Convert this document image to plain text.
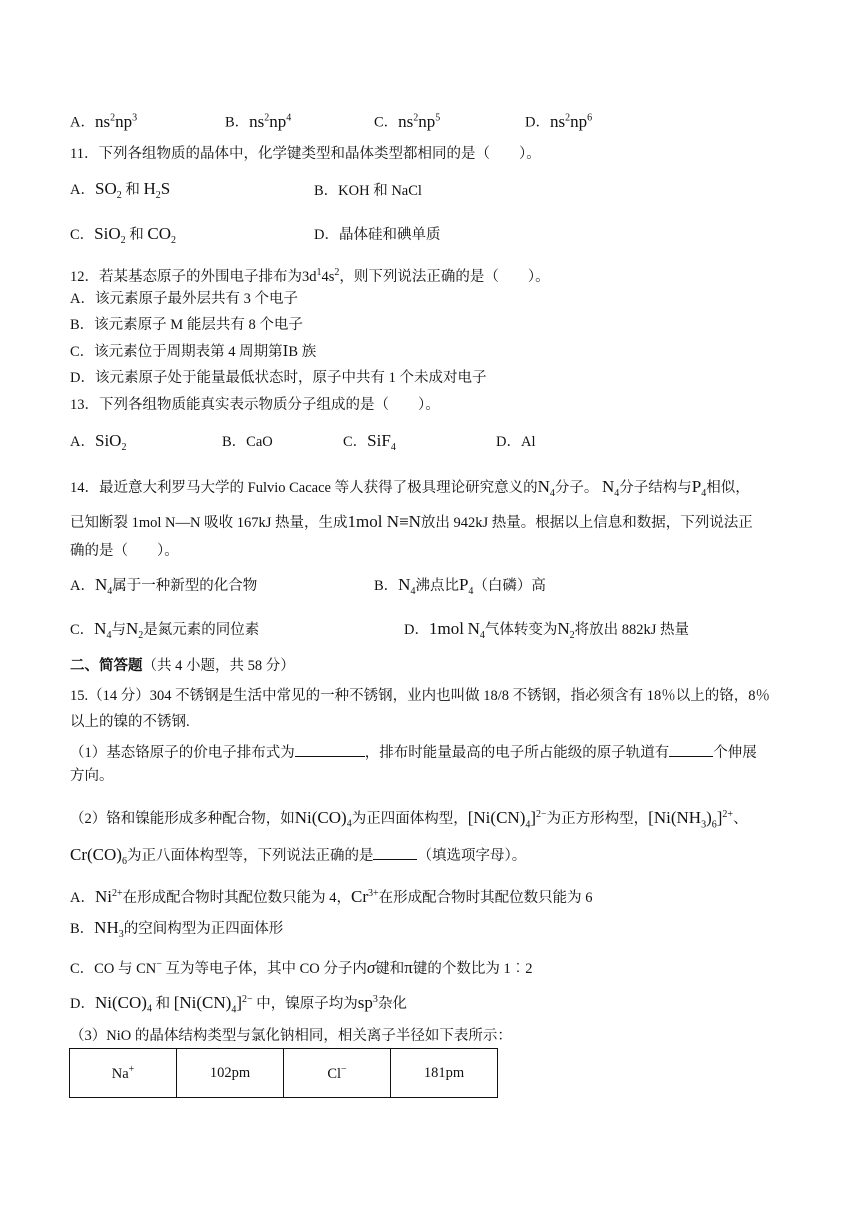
A．$ns^2np^3$	B．$ns^2np^4$	C．$ns^2np^5$	D．$ns^2np^6$
11．下列各组物质的晶体中，化学键类型和晶体类型都相同的是（　　）。
A．$SO_2$ 和 $H_2S$	B．KOH 和 NaCl
C．SiO$_2$ 和 $CO_2$	D．晶体硅和碘单质
12．若某基态原子的外围电子排布为$3d^14s^2$，则下列说法正确的是（　　）。
A．该元素原子最外层共有 3 个电子
B．该元素原子 M 能层共有 8 个电子
C．该元素位于周期表第 4 周期第ⅠB 族
D．该元素原子处于能量最低状态时，原子中共有 1 个未成对电子
13．下列各组物质能真实表示物质分子组成的是（　　）。
A．SiO$_2$	B．CaO	C．SiF$_4$	D．Al
14．最近意大利罗马大学的 Fulvio Cacace 等人获得了极具理论研究意义的$N_4$分子。 $N_4$分子结构与$P_4$相似，
已知断裂 1mol N—N 吸收 167kJ 热量，生成1mol N≡N放出 942kJ 热量。根据以上信息和数据，下列说法正
确的是（　　）。
A．$N_4$属于一种新型的化合物	B．$N_4$沸点比$P_4$（白磷）高
C．$N_4$与$N_2$是氮元素的同位素	D．1mol $N_4$气体转变为$N_2$将放出 882kJ 热量
二、简答题（共 4 小题，共 58 分）
15.（14 分）304 不锈钢是生活中常见的一种不锈钢，业内也叫做 18/8 不锈钢，指必须含有 18％以上的铬，8％
以上的镍的不锈钢.
（1）基态铬原子的价电子排布式为	，排布时能量最高的电子所占能级的原子轨道有	个伸展
方向。
（2）铬和镍能形成多种配合物，如$Ni(CO)_4$为正四面体构型，$[Ni(CN)_4]^{2-}$为正方形构型，$[Ni(NH_3)_6]^{2+}$、
$Cr(CO)_6$为正八面体构型等，下列说法正确的是	（填选项字母）。
A．$Ni^{2+}$在形成配合物时其配位数只能为 4，$Cr^{3+}$在形成配合物时其配位数只能为 6
B．$NH_3$的空间构型为正四面体形
C．CO 与 CN− 互为等电子体，其中 CO 分子内σ键和π键的个数比为 1︰2
D．$Ni(CO)_4$ 和 $[Ni(CN)_4]^{2-}$ 中，镍原子均为$sp^3$杂化
（3）NiO 的晶体结构类型与氯化钠相同，相关离子半径如下表所示：
Na+	102pm	Cl−	181pm
